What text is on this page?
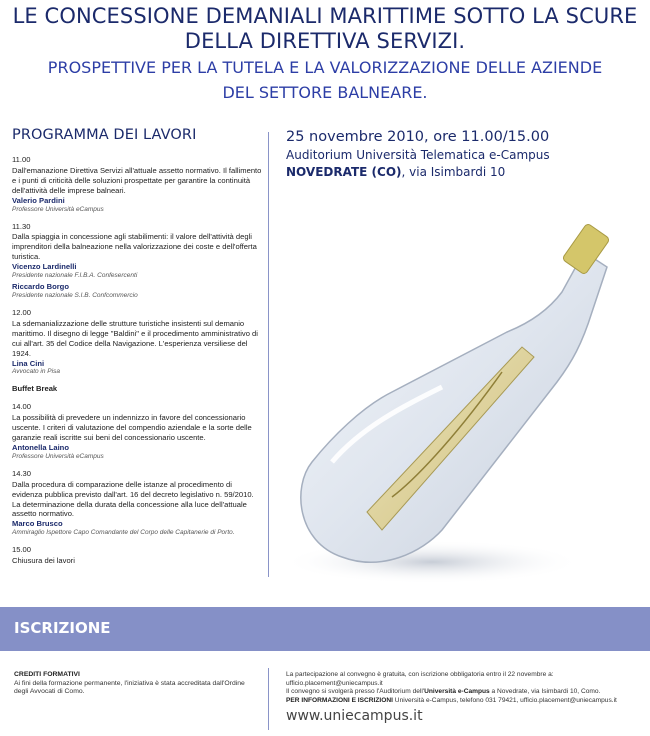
LE CONCESSIONE DEMANIALI MARITTIME SOTTO LA SCURE
DELLA DIRETTIVA SERVIZI.
PROSPETTIVE PER LA TUTELA E LA VALORIZZAZIONE DELLE AZIENDE
DEL SETTORE BALNEARE.
PROGRAMMA DEI LAVORI
11.00
Dall'emanazione Direttiva Servizi all'attuale assetto normativo. Il fallimento e i punti di criticità delle soluzioni prospettate per garantire la continuità dell'attività delle imprese balneari.
Valerio Pardini
Professore Università eCampus
11.30
Dalla spiaggia in concessione agli stabilimenti: il valore dell'attività degli imprenditori della balneazione nella valorizzazione dei coste e dell'offerta turistica.
Vicenzo Lardinelli
Presidente nazionale F.I.B.A. Confesercenti
Riccardo Borgo
Presidente nazionale S.I.B. Confcommercio
12.00
La sdemanializzazione delle strutture turistiche insistenti sul demanio marittimo. Il disegno di legge "Baldini" e il procedimento amministrativo di cui all'art. 35 del Codice della Navigazione. L'esperienza versiliese del 1924.
Lina Cini
Avvocato in Pisa
Buffet Break
14.00
La possibilità di prevedere un indennizzo in favore del concessionario uscente. I criteri di valutazione del compendio aziendale e la sorte delle garanzie reali iscritte sui beni del concessionario uscente.
Antonella Laino
Professore Università eCampus
14.30
Dalla procedura di comparazione delle istanze al procedimento di evidenza pubblica previsto dall'art. 16 del decreto legislativo n. 59/2010. La determinazione della durata della concessione alla luce dell'attuale assetto normativo.
Marco Brusco
Ammiraglio Ispettore Capo Comandante del Corpo delle Capitanerie di Porto.
15.00
Chiusura dei lavori
25 novembre 2010, ore 11.00/15.00
Auditorium Università Telematica e-Campus
NOVEDRATE (CO), via Isimbardi 10
ISCRIZIONE
CREDITI FORMATIVI
Ai fini della formazione permanente, l'iniziativa è stata accreditata dall'Ordine degli Avvocati di Como.
La partecipazione al convegno è gratuita, con iscrizione obbligatoria entro il 22 novembre a: ufficio.placement@uniecampus.it
Il convegno si svolgerà presso l'Auditorium dell'Università e-Campus a Novedrate, via Isimbardi 10, Como.
PER INFORMAZIONI E ISCRIZIONI Università e-Campus, telefono 031 79421, ufficio.placement@uniecampus.it
www.uniecampus.it
